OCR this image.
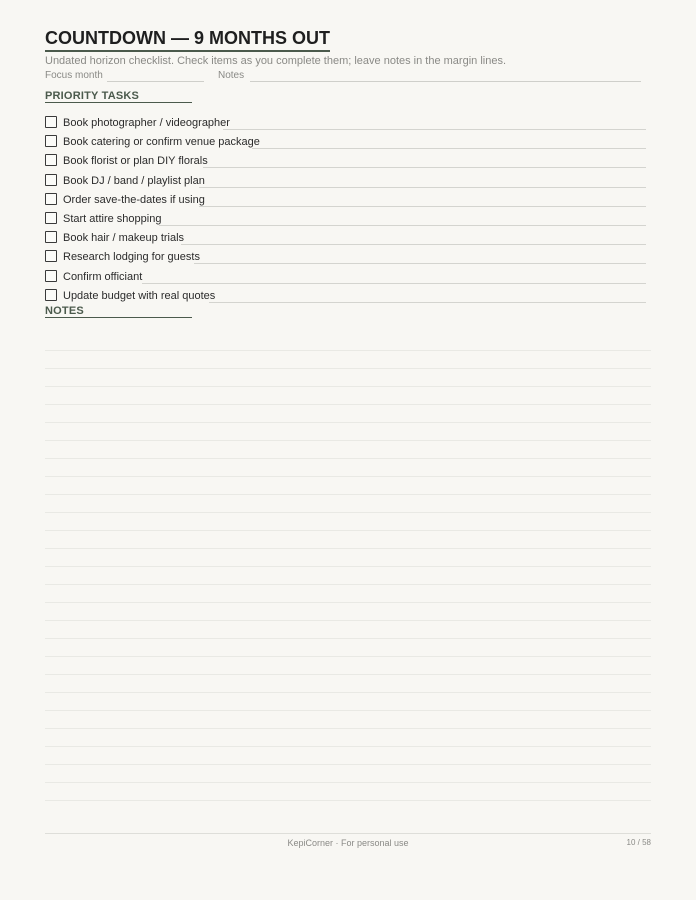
COUNTDOWN — 9 MONTHS OUT
Undated horizon checklist. Check items as you complete them; leave notes in the margin lines.
Focus month	Notes
PRIORITY TASKS
Book photographer / videographer
Book catering or confirm venue package
Book florist or plan DIY florals
Book DJ / band / playlist plan
Order save-the-dates if using
Start attire shopping
Book hair / makeup trials
Research lodging for guests
Confirm officiant
Update budget with real quotes
NOTES
KepiCorner · For personal use	10 / 58
